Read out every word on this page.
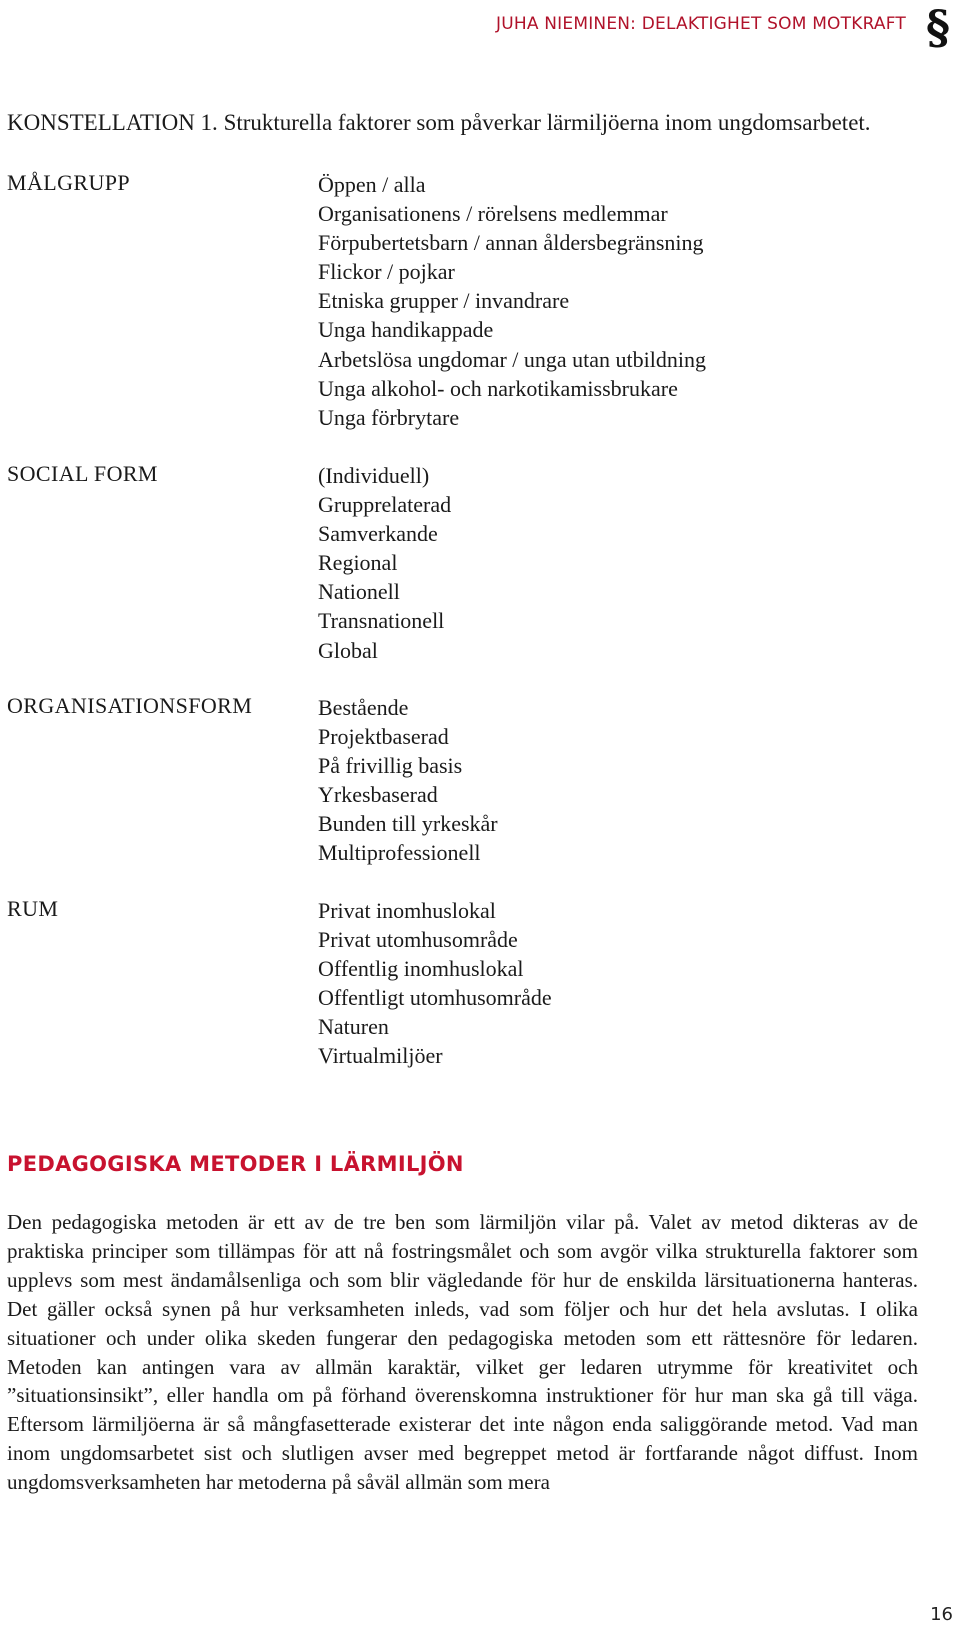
JUHA NIEMINEN: DELAKTIGHET SOM MOTKRAFT §
KONSTELLATION 1. Strukturella faktorer som påverkar lärmiljöerna inom ungdomsarbetet.
MÅLGRUPP	Öppen / alla
Organisationens / rörelsens medlemmar
Förpubertetsbarn / annan åldersbegränsning
Flickor / pojkar
Etniska grupper / invandrare
Unga handikappade
Arbetslösa ungdomar / unga utan utbildning
Unga alkohol- och narkotikamissbrukare
Unga förbrytare
SOCIAL FORM	(Individuell)
Grupprelaterad
Samverkande
Regional
Nationell
Transnationell
Global
ORGANISATIONSFORM	Bestående
Projektbaserad
På frivillig basis
Yrkesbaserad
Bunden till yrkeskår
Multiprofessionell
RUM	Privat inomhuslokal
Privat utomhusområde
Offentlig inomhuslokal
Offentligt utomhusområde
Naturen
Virtualmiljöer
PEDAGOGISKA METODER I LÄRMILJÖN

Den pedagogiska metoden är ett av de tre ben som lärmiljön vilar på. Valet av metod dikteras av de praktiska principer som tillämpas för att nå fostringsmålet och som avgör vilka strukturella faktorer som upplevs som mest ändamålsenliga och som blir vägledande för hur de enskilda lärsituationerna hanteras. Det gäller också synen på hur verksamheten inleds, vad som följer och hur det hela avslutas. I olika situationer och under olika skeden fungerar den pedagogiska metoden som ett rättesnöre för ledaren. Metoden kan antingen vara av allmän karaktär, vilket ger ledaren utrymme för kreativitet och ”situationsinsikt”, eller handla om på förhand överenskomna instruktioner för hur man ska gå till väga. Eftersom lärmiljöerna är så mångfasetterade existerar det inte någon enda saliggörande metod. Vad man inom ungdomsarbetet sist och slutligen avser med begreppet metod är fortfarande något diffust. Inom ungdomsverksamheten har metoderna på såväl allmän som mera

16
